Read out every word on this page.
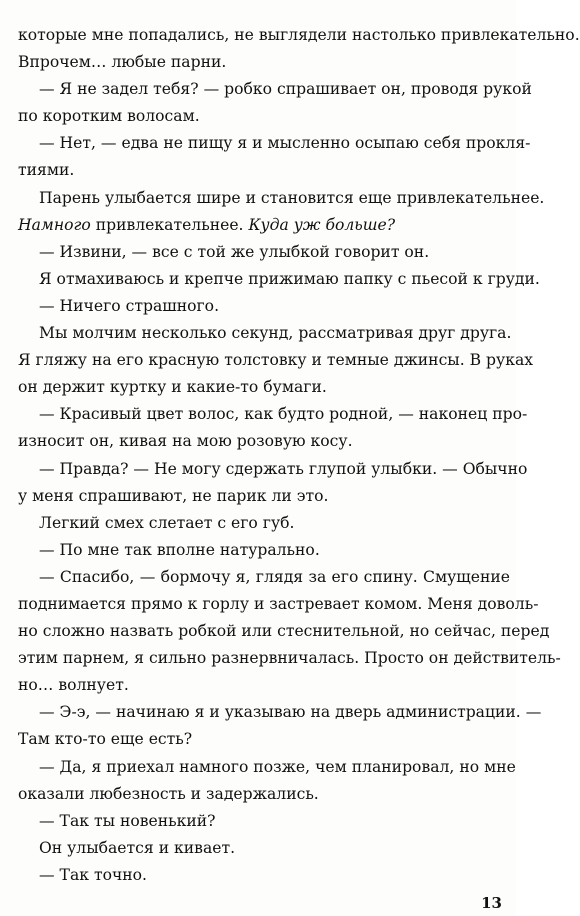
которые мне попадались, не выглядели настолько привлекательно.
Впрочем… любые парни.
— Я не задел тебя? — робко спрашивает он, проводя рукой
по коротким волосам.
— Нет, — едва не пищу я и мысленно осыпаю себя прокля-
тиями.
Парень улыбается шире и становится еще привлекательнее.
Намного привлекательнее. Куда уж больше?
— Извини, — все с той же улыбкой говорит он.
Я отмахиваюсь и крепче прижимаю папку с пьесой к груди.
— Ничего страшного.
Мы молчим несколько секунд, рассматривая друг друга.
Я гляжу на его красную толстовку и темные джинсы. В руках
он держит куртку и какие-то бумаги.
— Красивый цвет волос, как будто родной, — наконец про-
износит он, кивая на мою розовую косу.
— Правда? — Не могу сдержать глупой улыбки. — Обычно
у меня спрашивают, не парик ли это.
Легкий смех слетает с его губ.
— По мне так вполне натурально.
— Спасибо, — бормочу я, глядя за его спину. Смущение
поднимается прямо к горлу и застревает комом. Меня доволь-
но сложно назвать робкой или стеснительной, но сейчас, перед
этим парнем, я сильно разнервничалась. Просто он действитель-
но… волнует.
— Э-э, — начинаю я и указываю на дверь администрации. —
Там кто-то еще есть?
— Да, я приехал намного позже, чем планировал, но мне
оказали любезность и задержались.
— Так ты новенький?
Он улыбается и кивает.
— Так точно.
13
